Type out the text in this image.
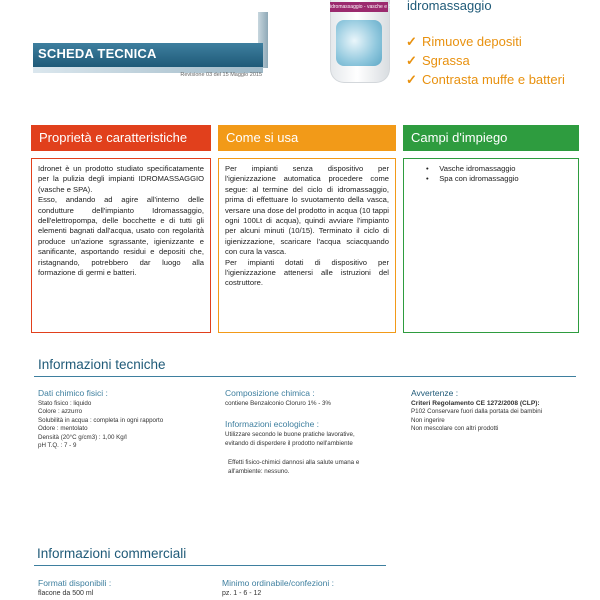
SCHEDA TECNICA
Revisione 03 del 15 Maggio 2015
idromassaggio - vasche e SPA idromassaggio
✓ Rimuove depositi
✓ Sgrassa
✓ Contrasta muffe e batteri
Proprietà e caratteristiche

Idronet è un prodotto studiato specificatamente per la pulizia degli impianti IDROMASSAGGIO (vasche e SPA).

Esso, andando ad agire all'interno delle condutture dell'impianto Idromassaggio, dell'elettropompa, delle bocchette e di tutti gli elementi bagnati dall'acqua, usato con regolarità produce un'azione sgrassante, igienizzante e sanificante, asportando residui e depositi che, ristagnando, potrebbero dar luogo alla formazione di germi e batteri.

Come si usa

Per impianti senza dispositivo per l'igienizzazione automatica procedere come segue: al termine del ciclo di idromassaggio, prima di effettuare lo svuotamento della vasca, versare una dose del prodotto in acqua (10 tappi ogni 100Lt di acqua), quindi avviare l'impianto per alcuni minuti (10/15). Terminato il ciclo di igienizzazione, scaricare l'acqua sciacquando con cura la vasca.

Per impianti dotati di dispositivo per l'igienizzazione attenersi alle istruzioni del costruttore.

Campi d'impiego
•     Vasche idromassaggio
•     Spa con idromassaggio
Informazioni tecniche
Dati chimico fisici :
Stato fisico : liquido
Colore : azzurro
Solubilità in acqua : completa in ogni rapporto
Odore : mentolato
Densità (20°C g/cm3) : 1,00 Kg/l
pH T.Q. : 7 - 9
Composizione chimica :
contiene Benzalconio Cloruro 1% - 3%
Informazioni ecologiche :
Utilizzare secondo le buone pratiche lavorative,
evitando di disperdere il prodotto nell'ambiente
Effetti fisico-chimici dannosi alla salute umana e
all'ambiente: nessuno.
Avvertenze :
Criteri Regolamento CE 1272/2008 (CLP):
P102 Conservare fuori dalla portata dei bambini
Non ingerire
Non mescolare con altri prodotti
Informazioni commerciali
Formati disponibili :
flacone da 500 ml
Minimo ordinabile/confezioni :
pz. 1 - 6 - 12
